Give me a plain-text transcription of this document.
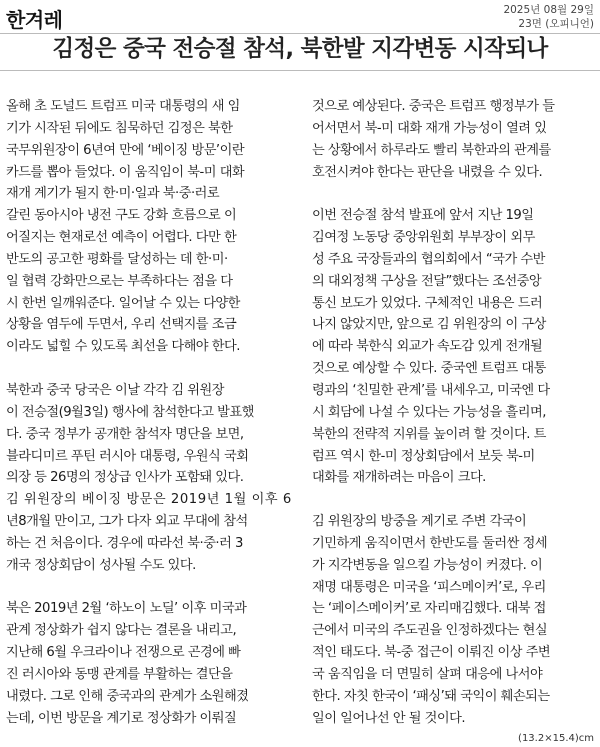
한겨레	2025년 08월 29일
23면 (오피니언)
김정은 중국 전승절 참석, 북한발 지각변동 시작되나
올해 초 도널드 트럼프 미국 대통령의 새 임
기가 시작된 뒤에도 침묵하던 김정은 북한
국무위원장이 6년여 만에 ‘베이징 방문’이란
카드를 뽑아 들었다. 이 움직임이 북-미 대화
재개 계기가 될지 한·미·일과 북·중·러로
갈린 동아시아 냉전 구도 강화 흐름으로 이
어질지는 현재로선 예측이 어렵다. 다만 한
반도의 공고한 평화를 달성하는 데 한·미·
일 협력 강화만으로는 부족하다는 점을 다
시 한번 일깨워준다. 일어날 수 있는 다양한
상황을 염두에 두면서, 우리 선택지를 조금
이라도 넓힐 수 있도록 최선을 다해야 한다.
북한과 중국 당국은 이날 각각 김 위원장
이 전승절(9월3일) 행사에 참석한다고 발표했
다. 중국 정부가 공개한 참석자 명단을 보면,
블라디미르 푸틴 러시아 대통령, 우원식 국회
의장 등 26명의 정상급 인사가 포함돼 있다.
김 위원장의 베이징 방문은 2019년 1월 이후 6
년8개월 만이고, 그가 다자 외교 무대에 참석
하는 건 처음이다. 경우에 따라선 북·중·러 3
개국 정상회담이 성사될 수도 있다.
북은 2019년 2월 ‘하노이 노딜’ 이후 미국과
관계 정상화가 쉽지 않다는 결론을 내리고,
지난해 6월 우크라이나 전쟁으로 곤경에 빠
진 러시아와 동맹 관계를 부활하는 결단을
내렸다. 그로 인해 중국과의 관계가 소원해졌
는데, 이번 방문을 계기로 정상화가 이뤄질
것으로 예상된다. 중국은 트럼프 행정부가 들
어서면서 북-미 대화 재개 가능성이 열려 있
는 상황에서 하루라도 빨리 북한과의 관계를
호전시켜야 한다는 판단을 내렸을 수 있다.
이번 전승절 참석 발표에 앞서 지난 19일
김여정 노동당 중앙위원회 부부장이 외무
성 주요 국장들과의 협의회에서 “국가 수반
의 대외정책 구상을 전달”했다는 조선중앙
통신 보도가 있었다. 구체적인 내용은 드러
나지 않았지만, 앞으로 김 위원장의 이 구상
에 따라 북한식 외교가 속도감 있게 전개될
것으로 예상할 수 있다. 중국엔 트럼프 대통
령과의 ‘친밀한 관계’를 내세우고, 미국엔 다
시 회담에 나설 수 있다는 가능성을 흘리며,
북한의 전략적 지위를 높이려 할 것이다. 트
럼프 역시 한-미 정상회담에서 보듯 북-미
대화를 재개하려는 마음이 크다.
김 위원장의 방중을 계기로 주변 각국이
기민하게 움직이면서 한반도를 둘러싼 정세
가 지각변동을 일으킬 가능성이 커졌다. 이
재명 대통령은 미국을 ‘피스메이커’로, 우리
는 ‘페이스메이커’로 자리매김했다. 대북 접
근에서 미국의 주도권을 인정하겠다는 현실
적인 태도다. 북-중 접근이 이뤄진 이상 주변
국 움직임을 더 면밀히 살펴 대응에 나서야
한다. 자칫 한국이 ‘패싱’돼 국익이 훼손되는
일이 일어나선 안 될 것이다.
(13.2×15.4)cm
